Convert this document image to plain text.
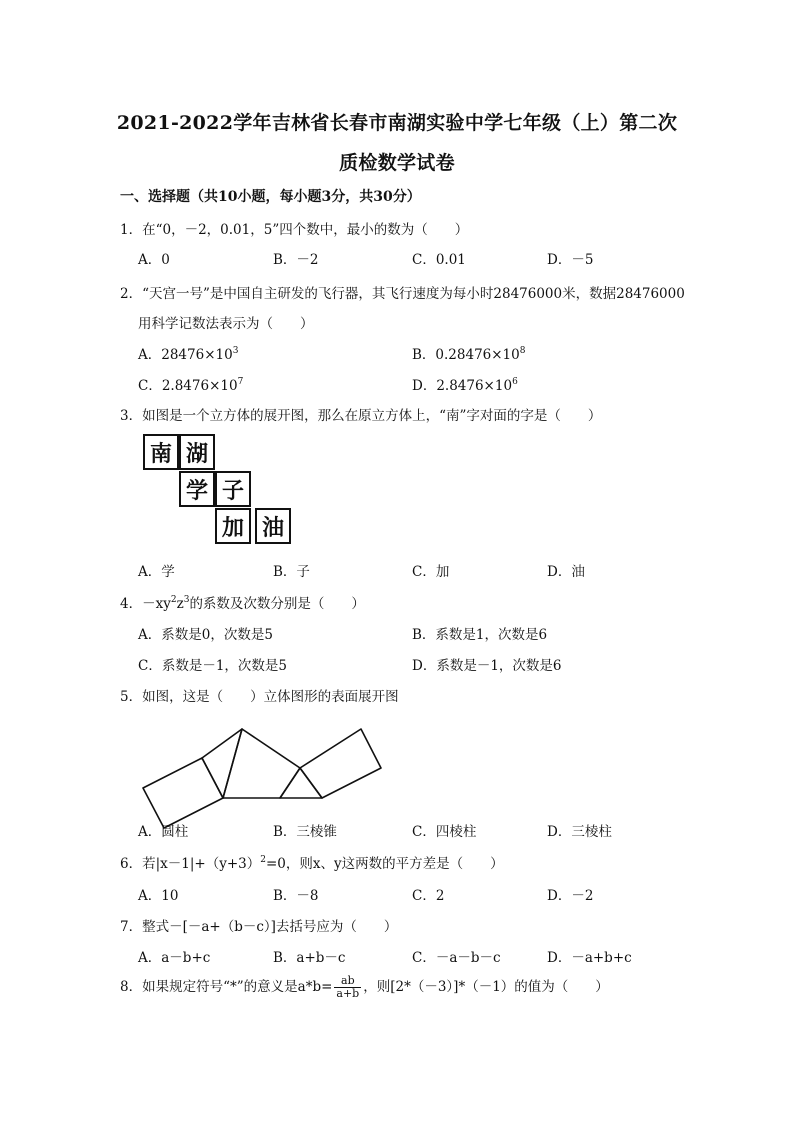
2021-2022学年吉林省长春市南湖实验中学七年级（上）第二次
质检数学试卷
一、选择题（共10小题，每小题3分，共30分）
1．在“0，－2，0.01，5”四个数中，最小的数为（　　）
A．0	B．－2	C．0.01	D．－5
2．“天宫一号”是中国自主研发的飞行器，其飞行速度为每小时28476000米，数据28476000
用科学记数法表示为（　　）
A．$28476\times 10^3$	B．$0.28476\times 10^8$
C．$2.8476\times 10^7$	D．$2.8476\times 10^6$
3．如图是一个立方体的展开图，那么在原立方体上，“南”字对面的字是（　　）
南 湖
学 子
加 油
A．学	B．子	C．加	D．油
4．$-xy^2z^3$的系数及次数分别是（　　）
A．系数是0，次数是5	B．系数是1，次数是6
C．系数是－1，次数是5	D．系数是－1，次数是6
5．如图，这是（　　）立体图形的表面展开图
A．圆柱	B．三棱锥	C．四棱柱	D．三棱柱
6．若$|x-1|+(y+3)^2=0$，则x、y这两数的平方差是（　　）
A．10	B．－8	C．2	D．－2
7．整式－[－a+（b－c）]去括号应为（　　）
A．a－b+c	B．a+b－c	C．－a－b－c	D．－a+b+c
8．如果规定符号“*”的意义是$a*b= \frac{ab}{a+b}$ ，则[2*（－3）]*（－1）的值为（　　）
